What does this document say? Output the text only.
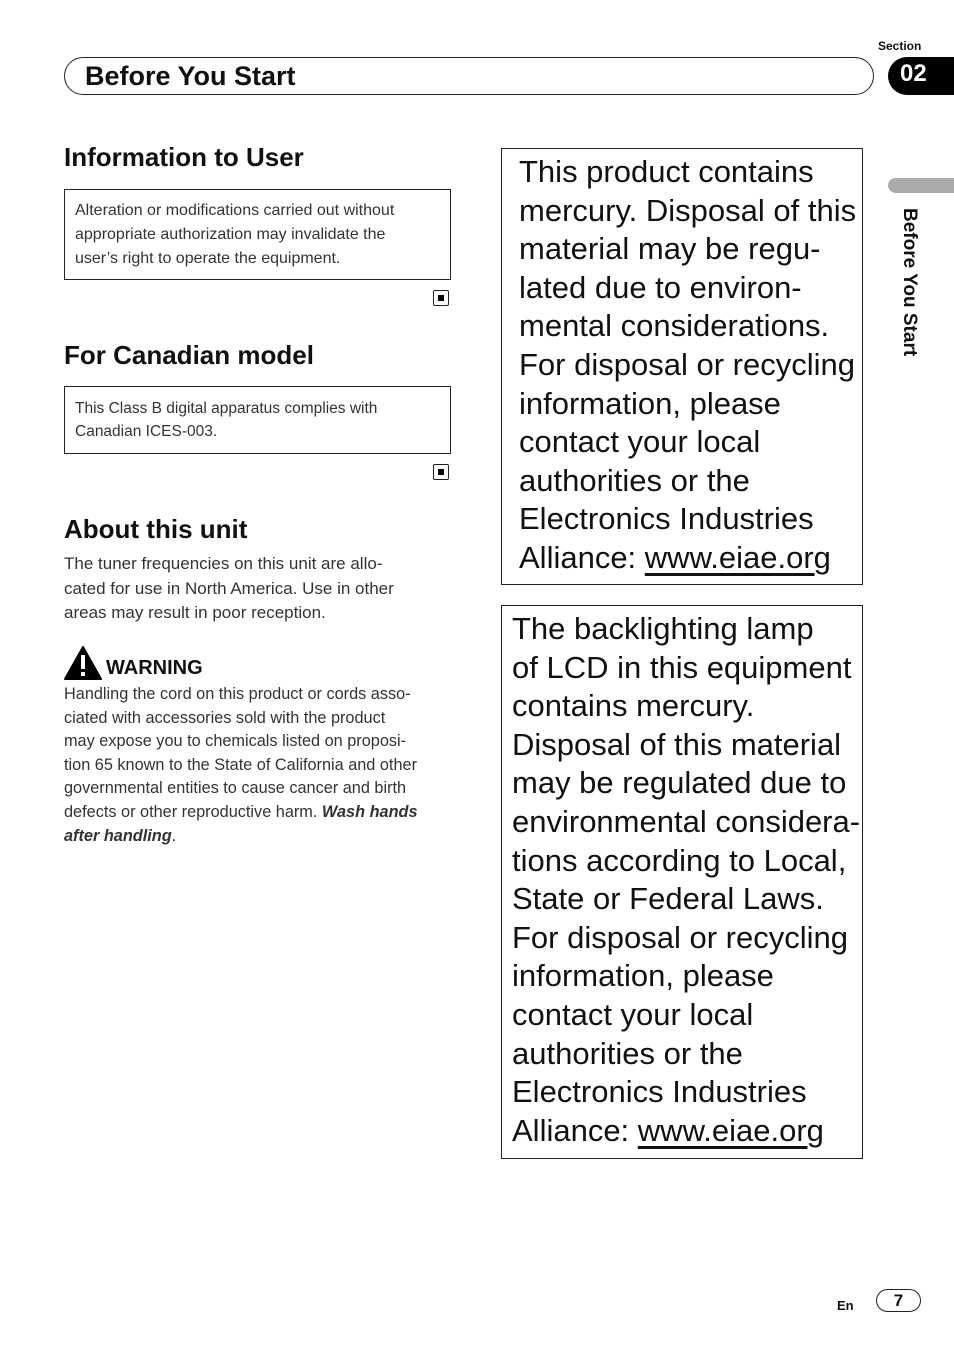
Before You Start
Section
02
Before You Start
Information to User
Alteration or modifications carried out without
appropriate authorization may invalidate the
user’s right to operate the equipment.
For Canadian model
This Class B digital apparatus complies with
Canadian ICES-003.
About this unit
The tuner frequencies on this unit are allo-
cated for use in North America. Use in other
areas may result in poor reception.
WARNING
Handling the cord on this product or cords asso-
ciated with accessories sold with the product
may expose you to chemicals listed on proposi-
tion 65 known to the State of California and other
governmental entities to cause cancer and birth
defects or other reproductive harm. Wash hands
after handling.
This product contains
mercury. Disposal of this
material may be regu-
lated due to environ-
mental considerations.
For disposal or recycling
information, please
contact your local
authorities or the
Electronics Industries
Alliance: www.eiae.org
The backlighting lamp
of LCD in this equipment
contains mercury.
Disposal of this material
may be regulated due to
environmental considera-
tions according to Local,
State or Federal Laws.
For disposal or recycling
information, please
contact your local
authorities or the
Electronics Industries
Alliance: www.eiae.org
En	7
